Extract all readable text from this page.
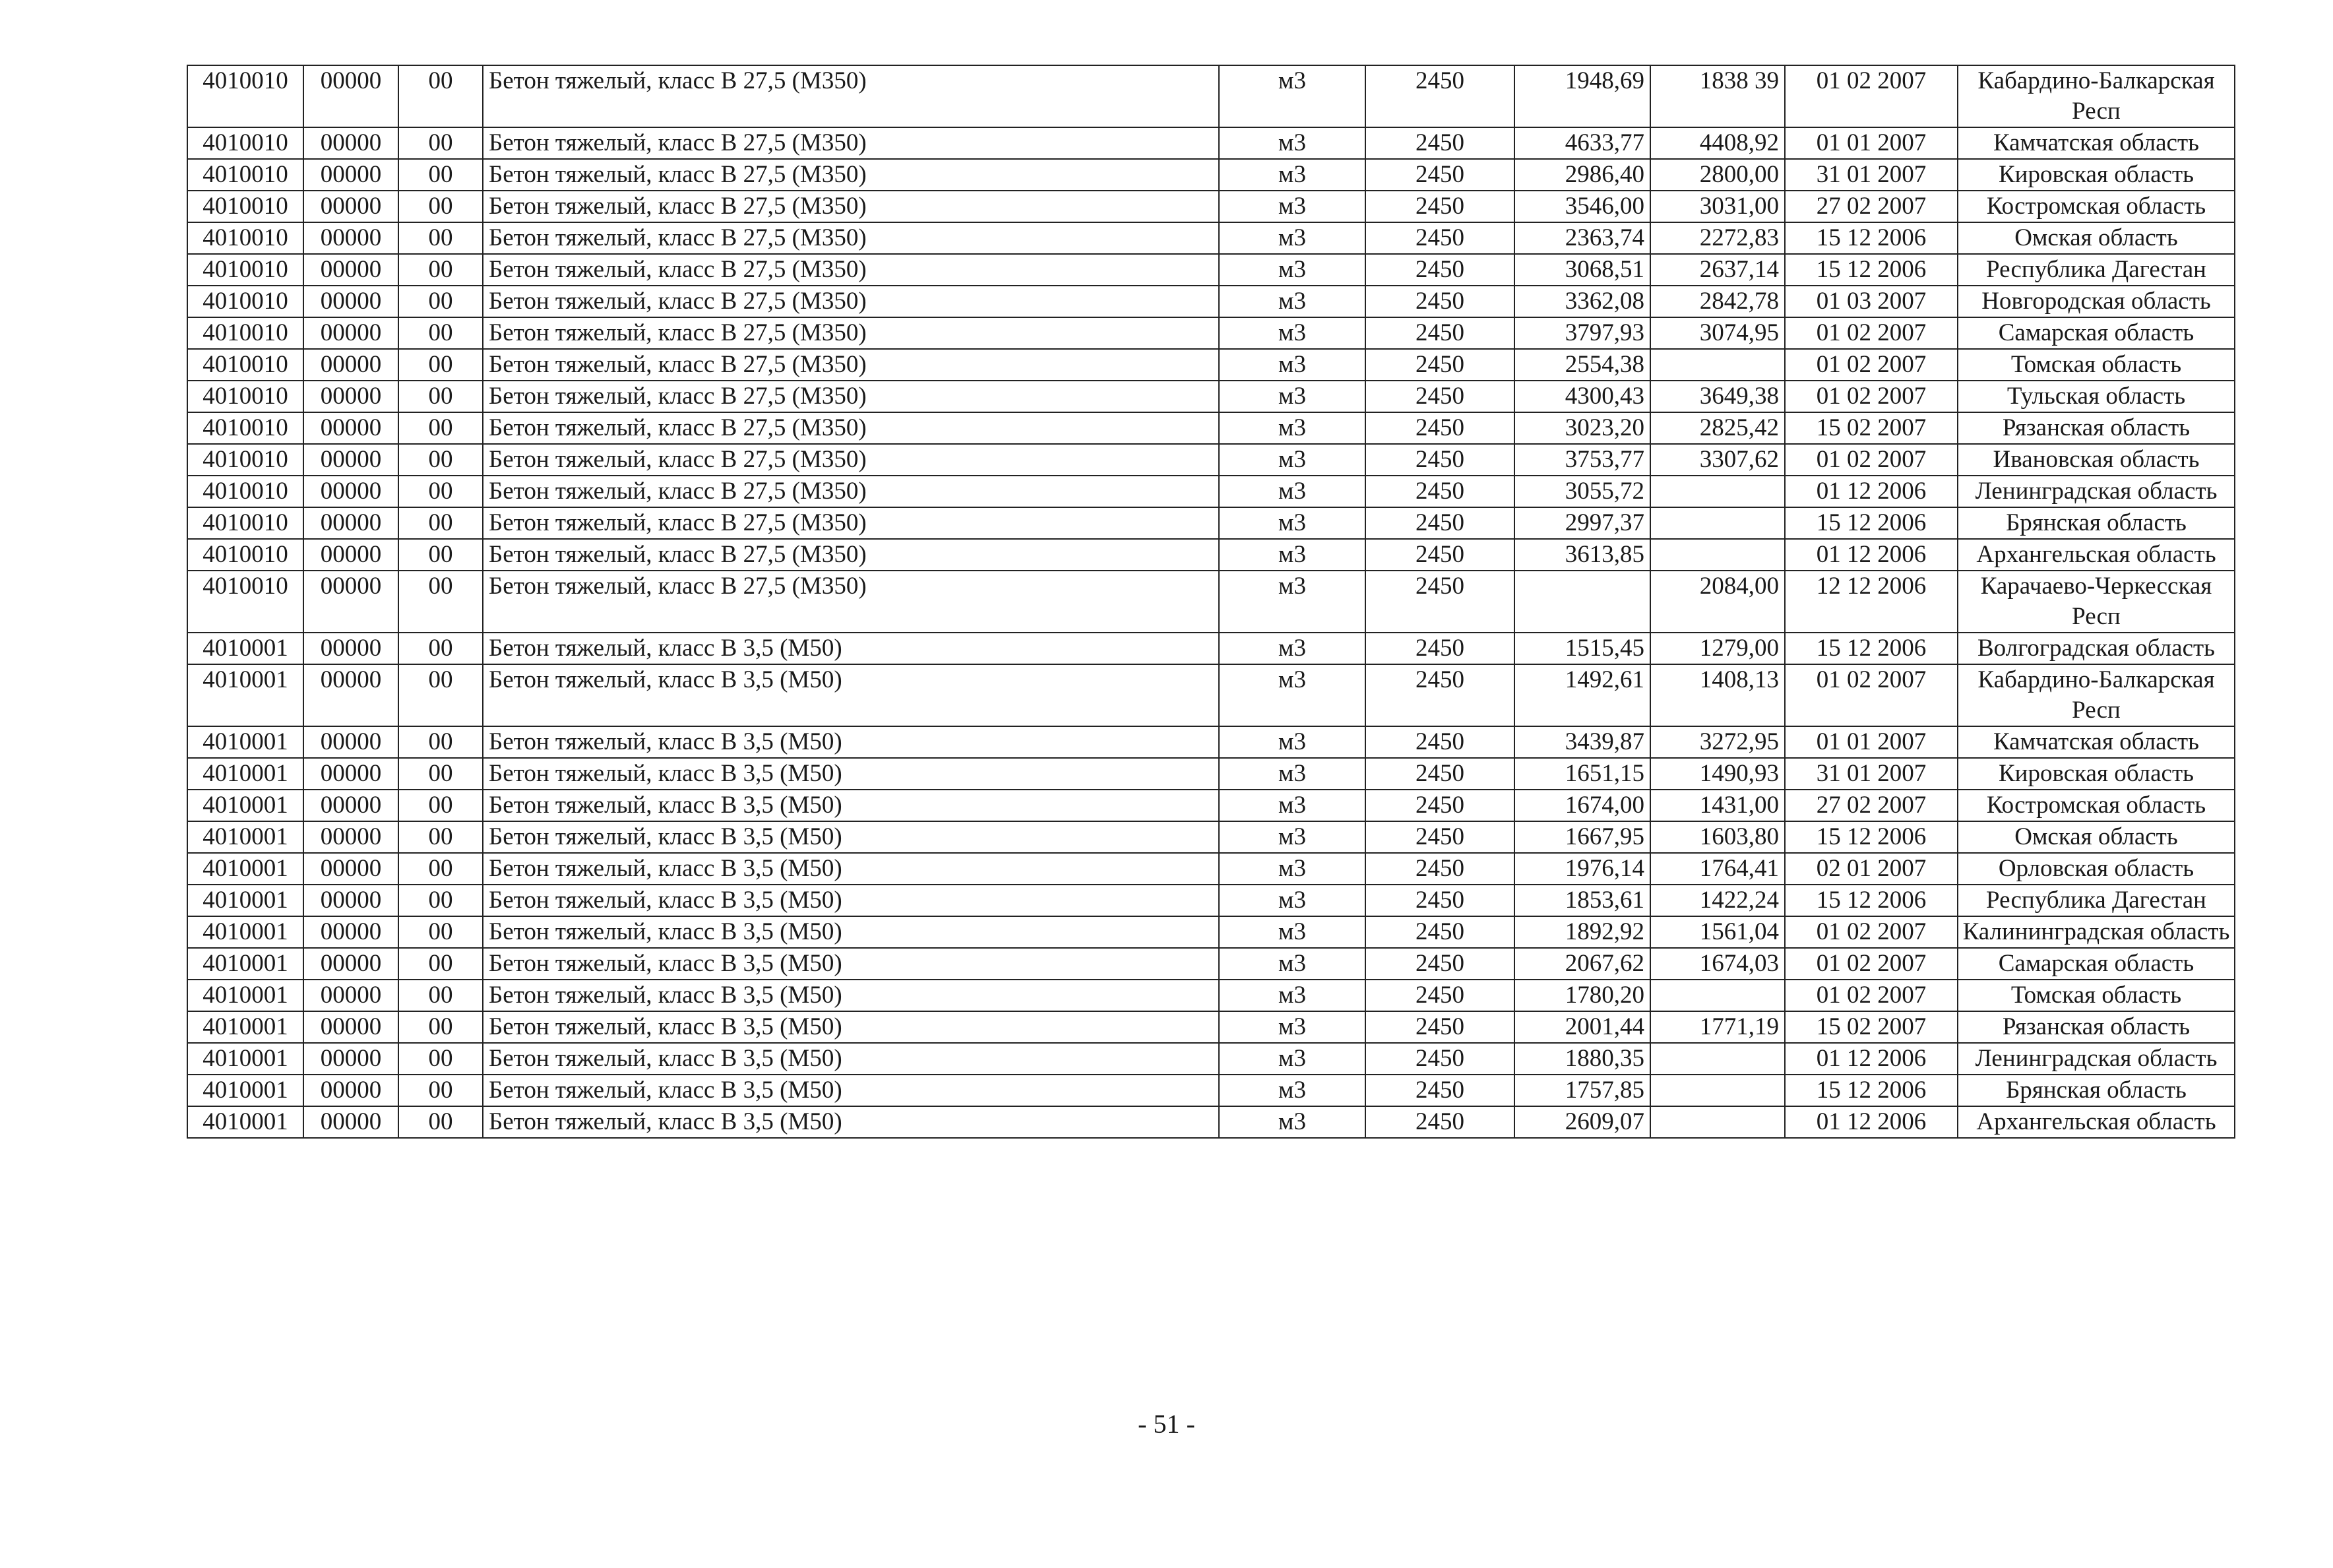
4010010	00000	00	Бетон тяжелый, класс В 27,5 (М350)	м3	2450	1948,69	1838 39	01 02 2007	Кабардино-Балкарская Респ
4010010	00000	00	Бетон тяжелый, класс В 27,5 (М350)	м3	2450	4633,77	4408,92	01 01 2007	Камчатская область
4010010	00000	00	Бетон тяжелый, класс В 27,5 (М350)	м3	2450	2986,40	2800,00	31 01 2007	Кировская область
4010010	00000	00	Бетон тяжелый, класс В 27,5 (М350)	м3	2450	3546,00	3031,00	27 02 2007	Костромская область
4010010	00000	00	Бетон тяжелый, класс В 27,5 (М350)	м3	2450	2363,74	2272,83	15 12 2006	Омская область
4010010	00000	00	Бетон тяжелый, класс В 27,5 (М350)	м3	2450	3068,51	2637,14	15 12 2006	Республика Дагестан
4010010	00000	00	Бетон тяжелый, класс В 27,5 (М350)	м3	2450	3362,08	2842,78	01 03 2007	Новгородская область
4010010	00000	00	Бетон тяжелый, класс В 27,5 (М350)	м3	2450	3797,93	3074,95	01 02 2007	Самарская область
4010010	00000	00	Бетон тяжелый, класс В 27,5 (М350)	м3	2450	2554,38		01 02 2007	Томская область
4010010	00000	00	Бетон тяжелый, класс В 27,5 (М350)	м3	2450	4300,43	3649,38	01 02 2007	Тульская область
4010010	00000	00	Бетон тяжелый, класс В 27,5 (М350)	м3	2450	3023,20	2825,42	15 02 2007	Рязанская область
4010010	00000	00	Бетон тяжелый, класс В 27,5 (М350)	м3	2450	3753,77	3307,62	01 02 2007	Ивановская область
4010010	00000	00	Бетон тяжелый, класс В 27,5 (М350)	м3	2450	3055,72		01 12 2006	Ленинградская область
4010010	00000	00	Бетон тяжелый, класс В 27,5 (М350)	м3	2450	2997,37		15 12 2006	Брянская область
4010010	00000	00	Бетон тяжелый, класс В 27,5 (М350)	м3	2450	3613,85		01 12 2006	Архангельская область
4010010	00000	00	Бетон тяжелый, класс В 27,5 (М350)	м3	2450		2084,00	12 12 2006	Карачаево-Черкесская Респ
4010001	00000	00	Бетон тяжелый, класс В 3,5 (М50)	м3	2450	1515,45	1279,00	15 12 2006	Волгоградская область
4010001	00000	00	Бетон тяжелый, класс В 3,5 (М50)	м3	2450	1492,61	1408,13	01 02 2007	Кабардино-Балкарская Респ
4010001	00000	00	Бетон тяжелый, класс В 3,5 (М50)	м3	2450	3439,87	3272,95	01 01 2007	Камчатская область
4010001	00000	00	Бетон тяжелый, класс В 3,5 (М50)	м3	2450	1651,15	1490,93	31 01 2007	Кировская область
4010001	00000	00	Бетон тяжелый, класс В 3,5 (М50)	м3	2450	1674,00	1431,00	27 02 2007	Костромская область
4010001	00000	00	Бетон тяжелый, класс В 3,5 (М50)	м3	2450	1667,95	1603,80	15 12 2006	Омская область
4010001	00000	00	Бетон тяжелый, класс В 3,5 (М50)	м3	2450	1976,14	1764,41	02 01 2007	Орловская область
4010001	00000	00	Бетон тяжелый, класс В 3,5 (М50)	м3	2450	1853,61	1422,24	15 12 2006	Республика Дагестан
4010001	00000	00	Бетон тяжелый, класс В 3,5 (М50)	м3	2450	1892,92	1561,04	01 02 2007	Калининградская область
4010001	00000	00	Бетон тяжелый, класс В 3,5 (М50)	м3	2450	2067,62	1674,03	01 02 2007	Самарская область
4010001	00000	00	Бетон тяжелый, класс В 3,5 (М50)	м3	2450	1780,20		01 02 2007	Томская область
4010001	00000	00	Бетон тяжелый, класс В 3,5 (М50)	м3	2450	2001,44	1771,19	15 02 2007	Рязанская область
4010001	00000	00	Бетон тяжелый, класс В 3,5 (М50)	м3	2450	1880,35		01 12 2006	Ленинградская область
4010001	00000	00	Бетон тяжелый, класс В 3,5 (М50)	м3	2450	1757,85		15 12 2006	Брянская область
4010001	00000	00	Бетон тяжелый, класс В 3,5 (М50)	м3	2450	2609,07		01 12 2006	Архангельская область
- 51 -
